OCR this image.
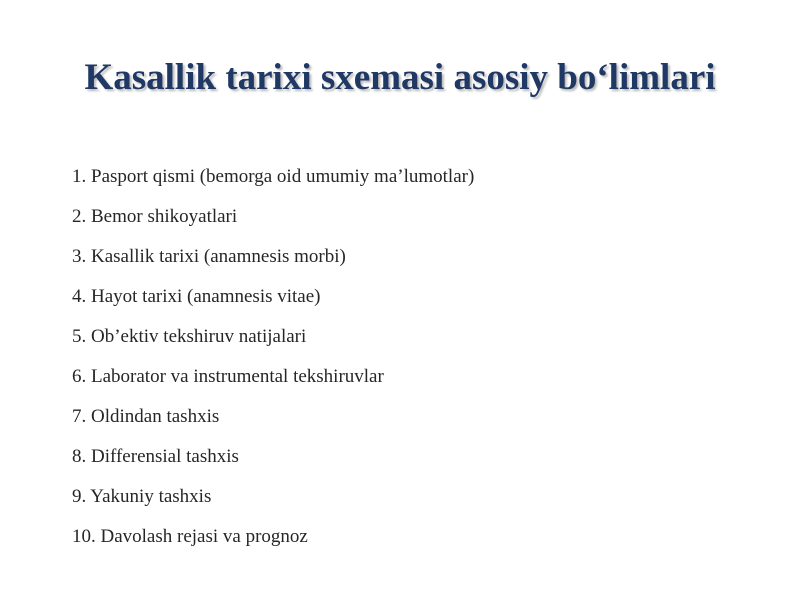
Kasallik tarixi sxemasi asosiy bo‘limlari
1. Pasport qismi (bemorga oid umumiy ma’lumotlar)
2. Bemor shikoyatlari
3. Kasallik tarixi (anamnesis morbi)
4. Hayot tarixi (anamnesis vitae)
5. Ob’ektiv tekshiruv natijalari
6. Laborator va instrumental tekshiruvlar
7. Oldindan tashxis
8. Differensial tashxis
9. Yakuniy tashxis
10. Davolash rejasi va prognoz
